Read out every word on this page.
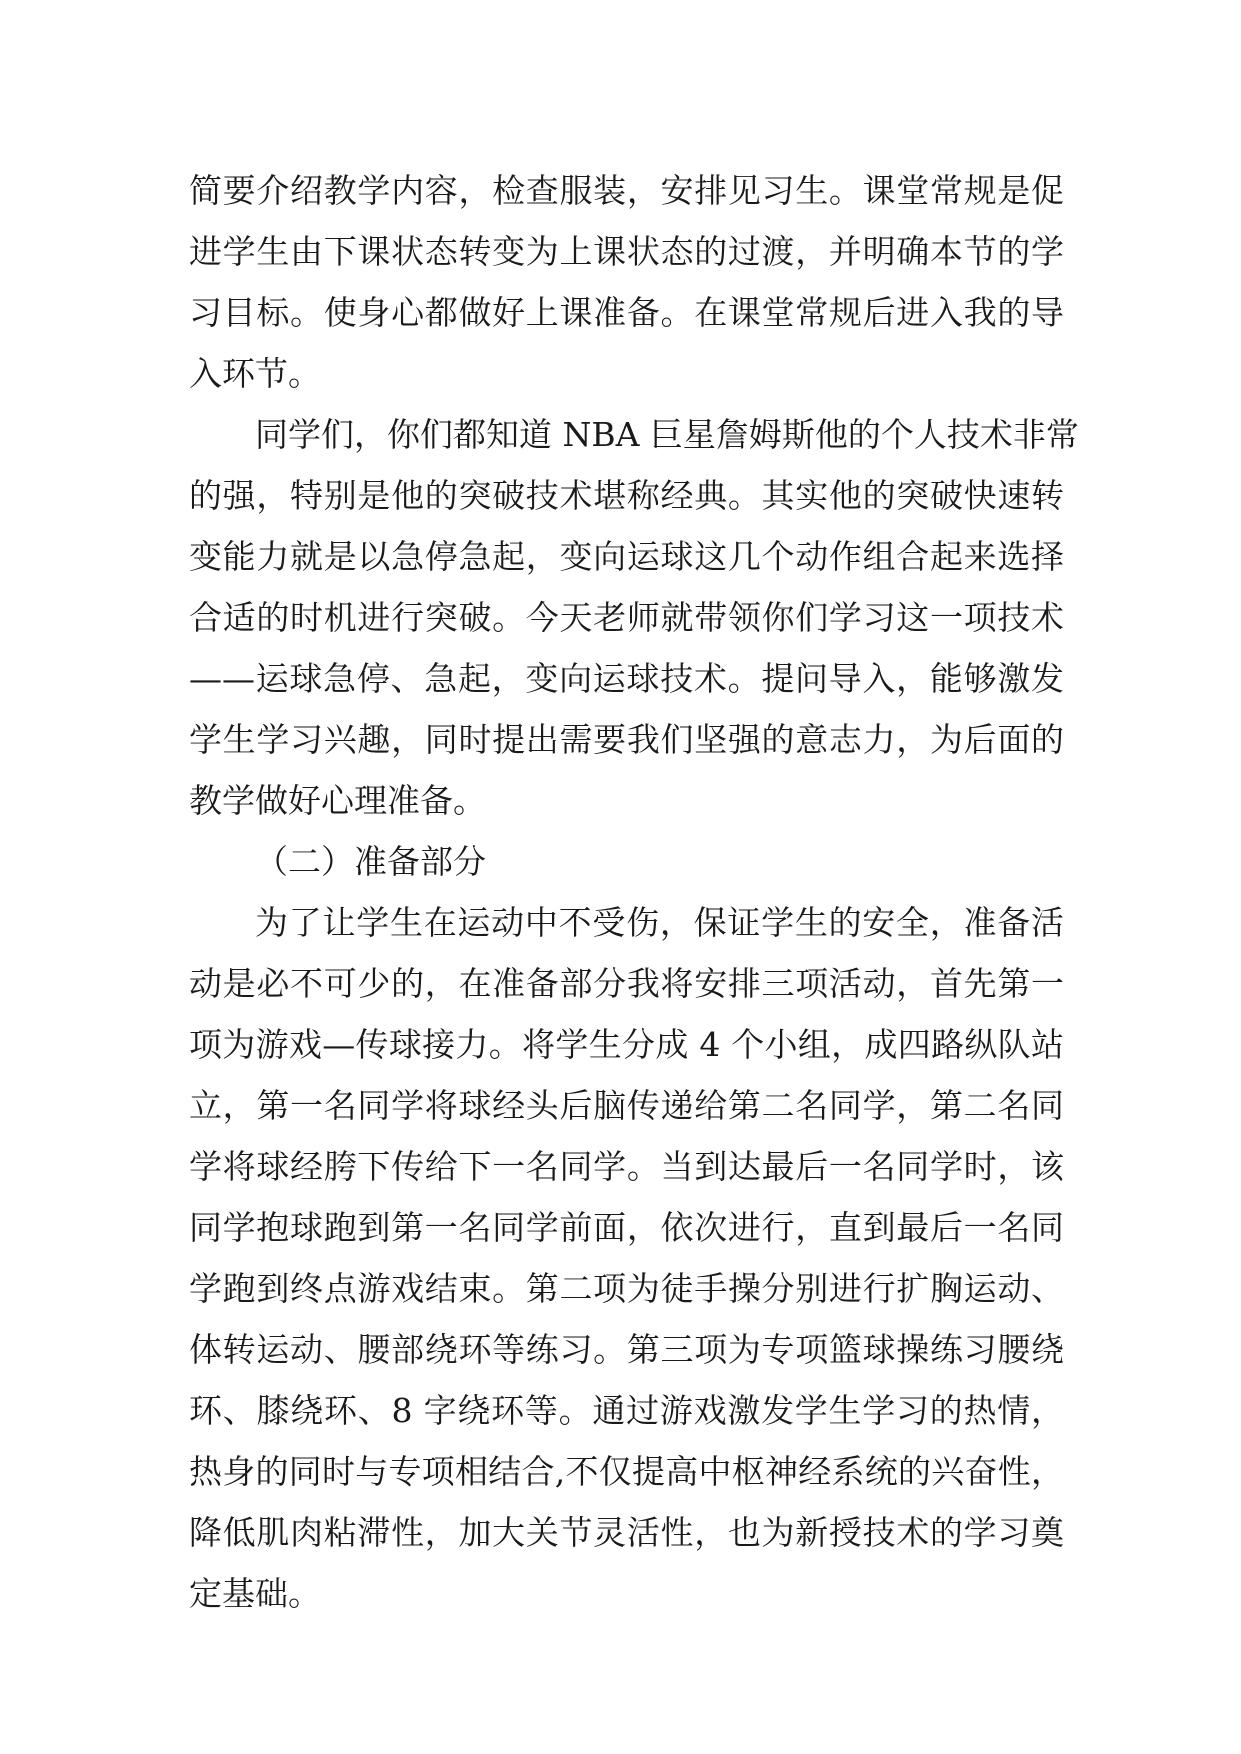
简要介绍教学内容，检查服装，安排见习生。课堂常规是促
进学生由下课状态转变为上课状态的过渡，并明确本节的学
习目标。使身心都做好上课准备。在课堂常规后进入我的导
入环节。
同学们，你们都知道 NBA 巨星詹姆斯他的个人技术非常
的强，特别是他的突破技术堪称经典。其实他的突破快速转
变能力就是以急停急起，变向运球这几个动作组合起来选择
合适的时机进行突破。今天老师就带领你们学习这一项技术
——运球急停、急起，变向运球技术。提问导入，能够激发
学生学习兴趣，同时提出需要我们坚强的意志力，为后面的
教学做好心理准备。
（二）准备部分
为了让学生在运动中不受伤，保证学生的安全，准备活
动是必不可少的，在准备部分我将安排三项活动，首先第一
项为游戏—传球接力。将学生分成 4 个小组，成四路纵队站
立，第一名同学将球经头后脑传递给第二名同学，第二名同
学将球经胯下传给下一名同学。当到达最后一名同学时，该
同学抱球跑到第一名同学前面，依次进行，直到最后一名同
学跑到终点游戏结束。第二项为徒手操分别进行扩胸运动、
体转运动、腰部绕环等练习。第三项为专项篮球操练习腰绕
环、膝绕环、8 字绕环等。通过游戏激发学生学习的热情，
热身的同时与专项相结合,不仅提高中枢神经系统的兴奋性，
降低肌肉粘滞性，加大关节灵活性，也为新授技术的学习奠
定基础。
